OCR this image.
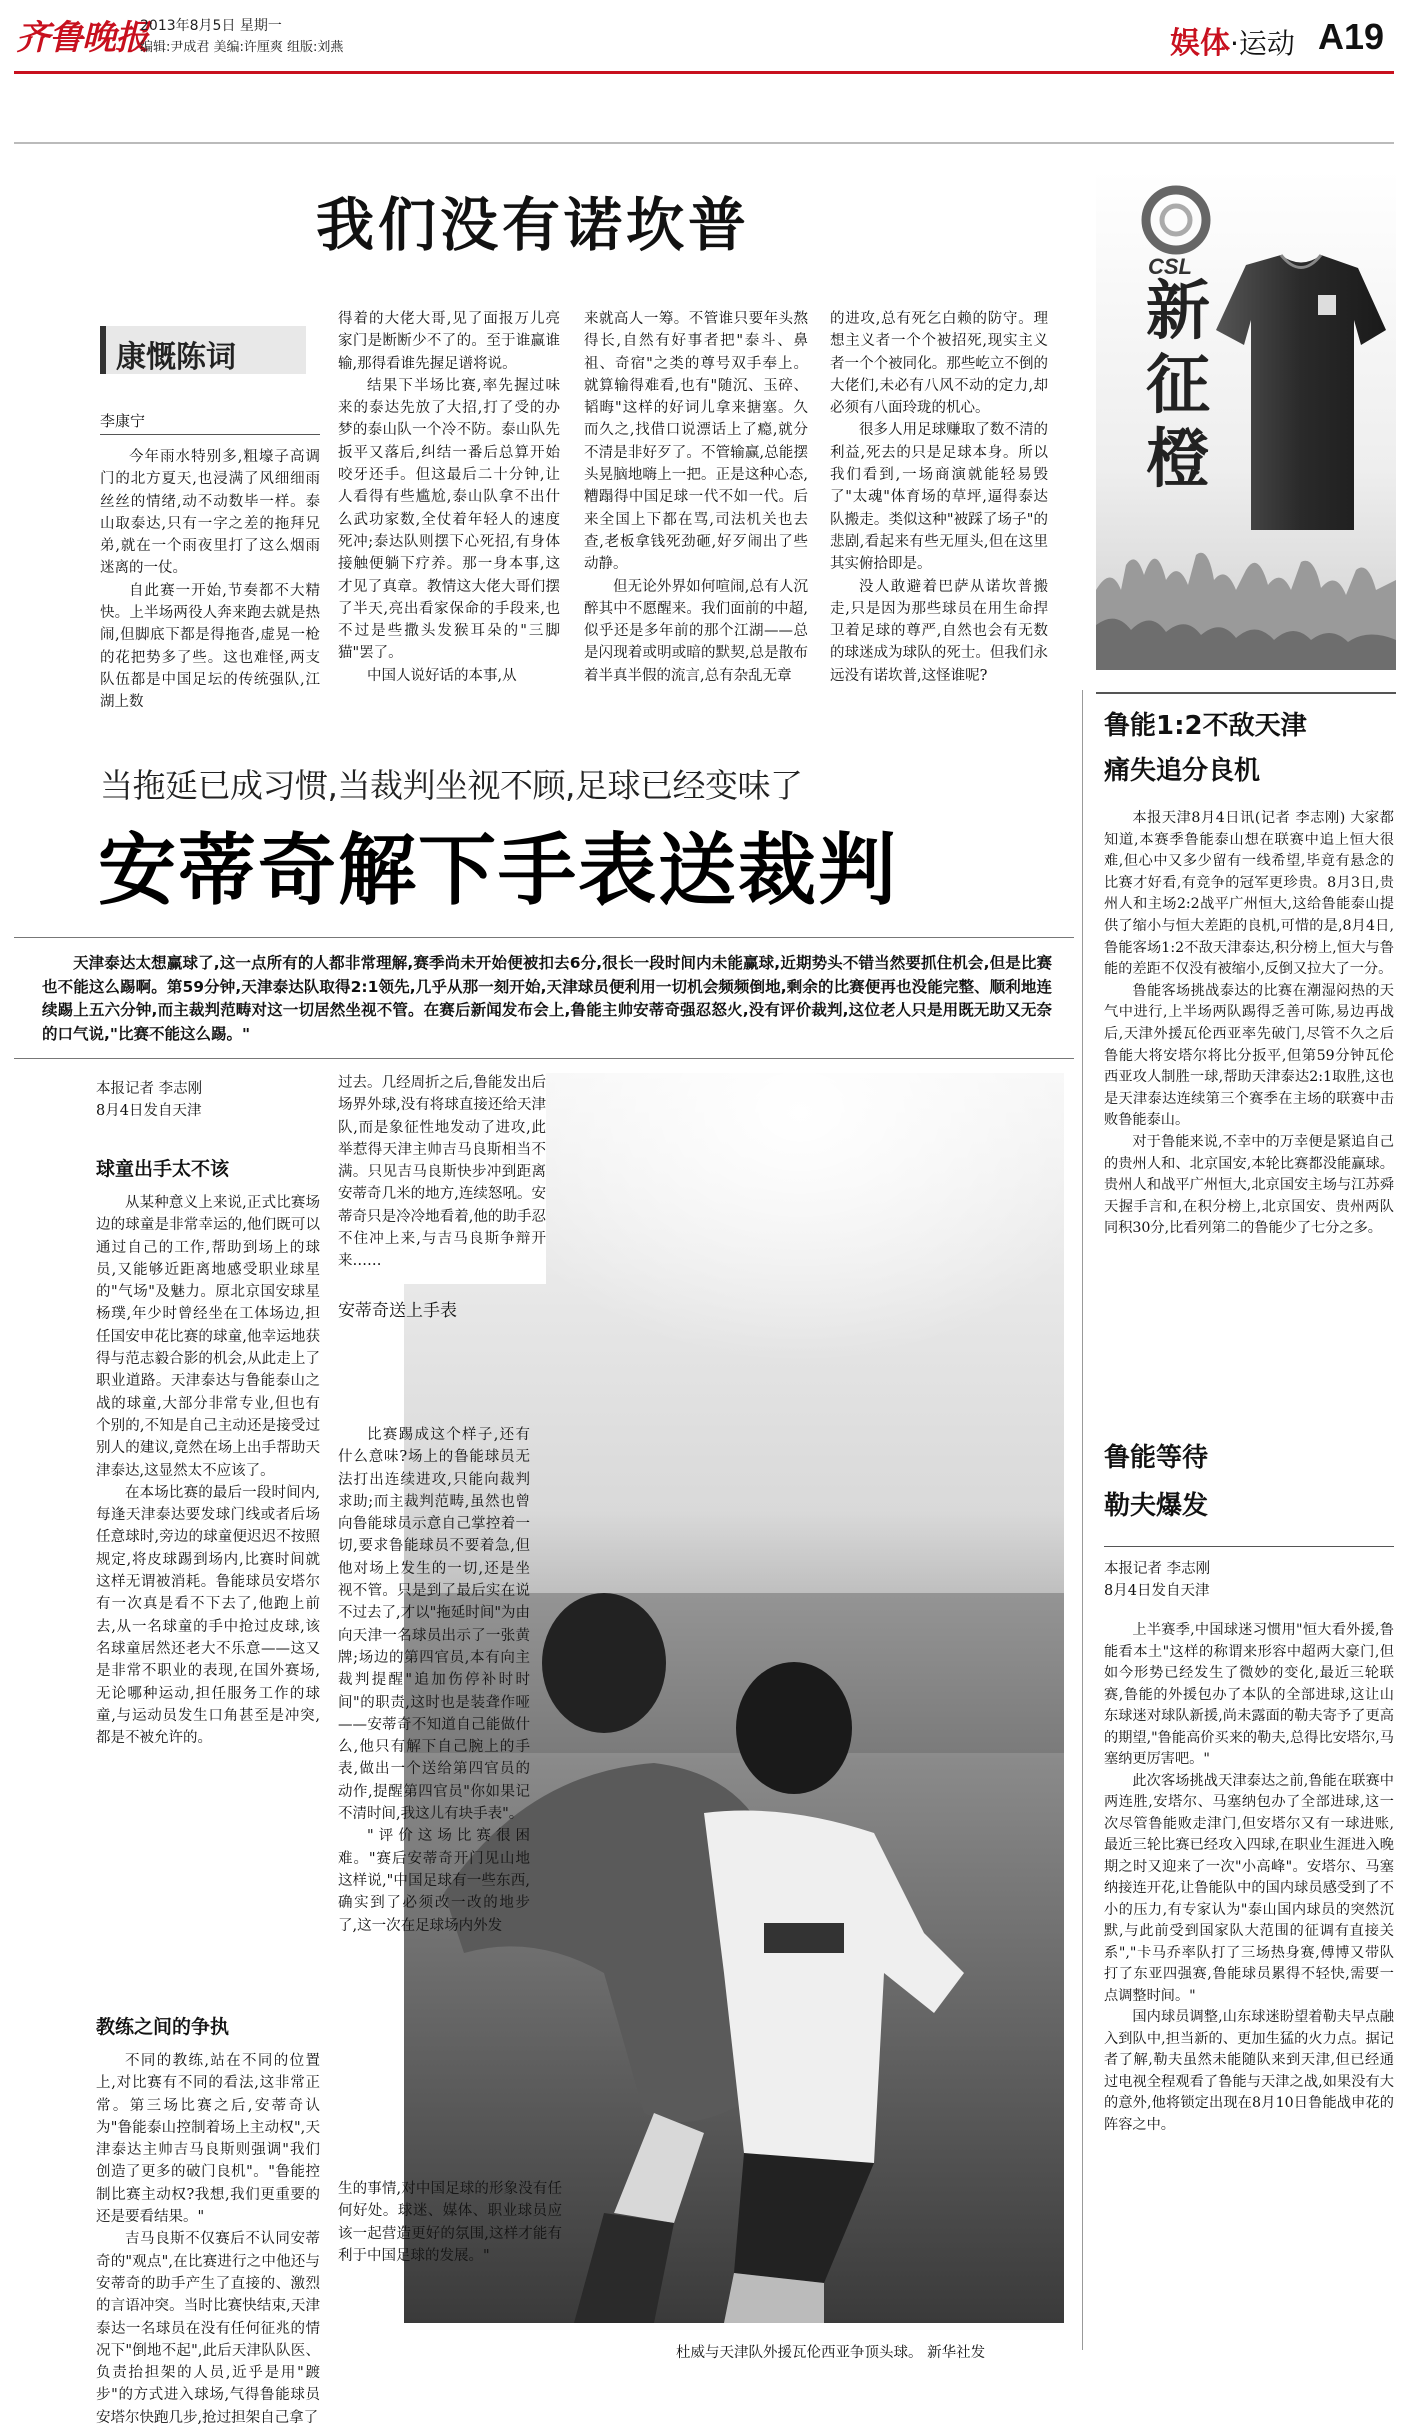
齐鲁晚报
2013年8月5日 星期一
编辑:尹成君 美编:许厘爽 组版:刘燕	娱体·运动 A19
我们没有诺坎普
康慨陈词
李康宁

今年雨水特别多,粗壕子高调门的北方夏天,也浸满了风细细雨丝丝的情绪,动不动数毕一样。泰山取泰达,只有一字之差的拖拜兄弟,就在一个雨夜里打了这么烟雨迷离的一仗。

自此赛一开始,节奏都不大精快。上半场两役人奔来跑去就是热闹,但脚底下都是得拖沓,虚晃一枪的花把势多了些。这也难怪,两支队伍都是中国足坛的传统强队,江湖上数

得着的大佬大哥,见了面报万儿亮家门是断断少不了的。至于谁赢谁输,那得看谁先握足谱将说。

结果下半场比赛,率先握过味来的泰达先放了大招,打了受的办梦的泰山队一个冷不防。泰山队先扳平又落后,纠结一番后总算开始咬牙还手。但这最后二十分钟,让人看得有些尴尬,泰山队拿不出什么武功家数,全仗着年轻人的速度死冲;泰达队则摆下心死招,有身体接触便躺下疗养。那一身本事,这才见了真章。教情这大佬大哥们摆了半天,亮出看家保命的手段来,也不过是些撒头发猴耳朵的"三脚猫"罢了。

中国人说好话的本事,从

来就高人一筹。不管谁只要年头熬得长,自然有好事者把"泰斗、鼻祖、奇宿"之类的尊号双手奉上。就算输得难看,也有"随沉、玉碎、韬晦"这样的好词儿拿来搪塞。久而久之,找借口说漂话上了瘾,就分不清是非好歹了。不管输赢,总能摆头晃脑地嗨上一把。正是这种心态,糟蹋得中国足球一代不如一代。后来全国上下都在骂,司法机关也去查,老板拿钱死劲砸,好歹闹出了些动静。

但无论外界如何喧闹,总有人沉醉其中不愿醒来。我们面前的中超,似乎还是多年前的那个江湖——总是闪现着或明或暗的默契,总是散布着半真半假的流言,总有杂乱无章

的进攻,总有死乞白赖的防守。理想主义者一个个被招死,现实主义者一个个被同化。那些屹立不倒的大佬们,未必有八风不动的定力,却必须有八面玲珑的机心。

很多人用足球赚取了数不清的利益,死去的只是足球本身。所以我们看到,一场商演就能轻易毁了"太魂"体育场的草坪,逼得泰达队搬走。类似这种"被踩了场子"的悲剧,看起来有些无厘头,但在这里其实俯拾即是。

没人敢避着巴萨从诺坎普搬走,只是因为那些球员在用生命捍卫着足球的尊严,自然也会有无数的球迷成为球队的死士。但我们永远没有诺坎普,这怪谁呢?

CSL
新征橙
鲁能1:2不敌天津
痛失追分良机

本报天津8月4日讯(记者 李志刚) 大家都知道,本赛季鲁能泰山想在联赛中追上恒大很难,但心中又多少留有一线希望,毕竟有悬念的比赛才好看,有竞争的冠军更珍贵。8月3日,贵州人和主场2:2战平广州恒大,这给鲁能泰山提供了缩小与恒大差距的良机,可惜的是,8月4日,鲁能客场1:2不敌天津泰达,积分榜上,恒大与鲁能的差距不仅没有被缩小,反倒又拉大了一分。

鲁能客场挑战泰达的比赛在潮湿闷热的天气中进行,上半场两队踢得乏善可陈,易边再战后,天津外援瓦伦西亚率先破门,尽管不久之后鲁能大将安塔尔将比分扳平,但第59分钟瓦伦西亚攻人制胜一球,帮助天津泰达2:1取胜,这也是天津泰达连续第三个赛季在主场的联赛中击败鲁能泰山。

对于鲁能来说,不幸中的万幸便是紧追自己的贵州人和、北京国安,本轮比赛都没能赢球。贵州人和战平广州恒大,北京国安主场与江苏舜天握手言和,在积分榜上,北京国安、贵州两队同积30分,比看列第二的鲁能少了七分之多。

鲁能等待
勒夫爆发
本报记者 李志刚
8月4日发自天津

上半赛季,中国球迷习惯用"恒大看外援,鲁能看本土"这样的称谓来形容中超两大豪门,但如今形势已经发生了微妙的变化,最近三轮联赛,鲁能的外援包办了本队的全部进球,这让山东球迷对球队新援,尚未露面的勒夫寄予了更高的期望,"鲁能高价买来的勒夫,总得比安塔尔,马塞纳更厉害吧。"

此次客场挑战天津泰达之前,鲁能在联赛中两连胜,安塔尔、马塞纳包办了全部进球,这一次尽管鲁能败走津门,但安塔尔又有一球进账,最近三轮比赛已经攻入四球,在职业生涯进入晚期之时又迎来了一次"小高峰"。安塔尔、马塞纳接连开花,让鲁能队中的国内球员感受到了不小的压力,有专家认为"泰山国内球员的突然沉默,与此前受到国家队大范围的征调有直接关系","卡马乔率队打了三场热身赛,傅博又带队打了东亚四强赛,鲁能球员累得不轻快,需要一点调整时间。"

国内球员调整,山东球迷盼望着勒夫早点融入到队中,担当新的、更加生猛的火力点。据记者了解,勒夫虽然未能随队来到天津,但已经通过电视全程观看了鲁能与天津之战,如果没有大的意外,他将锁定出现在8月10日鲁能战申花的阵容之中。

当拖延已成习惯,当裁判坐视不顾,足球已经变味了
安蒂奇解下手表送裁判
天津泰达太想赢球了,这一点所有的人都非常理解,赛季尚未开始便被扣去6分,很长一段时间内未能赢球,近期势头不错当然要抓住机会,但是比赛也不能这么踢啊。第59分钟,天津泰达队取得2:1领先,几乎从那一刻开始,天津球员便利用一切机会频频倒地,剩余的比赛便再也没能完整、顺利地连续踢上五六分钟,而主裁判范畴对这一切居然坐视不管。在赛后新闻发布会上,鲁能主帅安蒂奇强忍怒火,没有评价裁判,这位老人只是用既无助又无奈的口气说,"比赛不能这么踢。"
杜威与天津队外援瓦伦西亚争顶头球。 新华社发
本报记者 李志刚
8月4日发自天津
球童出手太不该

从某种意义上来说,正式比赛场边的球童是非常幸运的,他们既可以通过自己的工作,帮助到场上的球员,又能够近距离地感受职业球星的"气场"及魅力。原北京国安球星杨璞,年少时曾经坐在工体场边,担任国安申花比赛的球童,他幸运地获得与范志毅合影的机会,从此走上了职业道路。天津泰达与鲁能泰山之战的球童,大部分非常专业,但也有个别的,不知是自己主动还是接受过别人的建议,竟然在场上出手帮助天津泰达,这显然太不应该了。

在本场比赛的最后一段时间内,每逢天津泰达要发球门线或者后场任意球时,旁边的球童便迟迟不按照规定,将皮球踢到场内,比赛时间就这样无谓被消耗。鲁能球员安塔尔有一次真是看不下去了,他跑上前去,从一名球童的手中抢过皮球,该名球童居然还老大不乐意——这又是非常不职业的表现,在国外赛场,无论哪种运动,担任服务工作的球童,与运动员发生口角甚至是冲突,都是不被允许的。

教练之间的争执

不同的教练,站在不同的位置上,对比赛有不同的看法,这非常正常。第三场比赛之后,安蒂奇认为"鲁能泰山控制着场上主动权",天津泰达主帅吉马良斯则强调"我们创造了更多的破门良机"。"鲁能控制比赛主动权?我想,我们更重要的还是要看结果。"

吉马良斯不仅赛后不认同安蒂奇的"观点",在比赛进行之中他还与安蒂奇的助手产生了直接的、激烈的言语冲突。当时比赛快结束,天津泰达一名球员在没有任何征兆的情况下"倒地不起",此后天津队队医、负责抬担架的人员,近乎是用"踱步"的方式进入球场,气得鲁能球员安塔尔快跑几步,抢过担架自己拿了

过去。几经周折之后,鲁能发出后场界外球,没有将球直接还给天津队,而是象征性地发动了进攻,此举惹得天津主帅吉马良斯相当不满。只见吉马良斯快步冲到距离安蒂奇几米的地方,连续怒吼。安蒂奇只是冷冷地看着,他的助手忍不住冲上来,与吉马良斯争辩开来……

安蒂奇送上手表

比赛踢成这个样子,还有什么意味?场上的鲁能球员无法打出连续进攻,只能向裁判求助;而主裁判范畴,虽然也曾向鲁能球员示意自己掌控着一切,要求鲁能球员不要着急,但他对场上发生的一切,还是坐视不管。只是到了最后实在说不过去了,才以"拖延时间"为由向天津一名球员出示了一张黄牌;场边的第四官员,本有向主裁判提醒"追加伤停补时时间"的职责,这时也是装聋作哑——安蒂奇不知道自己能做什么,他只有解下自己腕上的手表,做出一个送给第四官员的动作,提醒第四官员"你如果记不清时间,我这儿有块手表"。

"评价这场比赛很困难。"赛后安蒂奇开门见山地这样说,"中国足球有一些东西,确实到了必须改一改的地步了,这一次在足球场内外发

生的事情,对中国足球的形象没有任何好处。球迷、媒体、职业球员应该一起营造更好的氛围,这样才能有利于中国足球的发展。"
